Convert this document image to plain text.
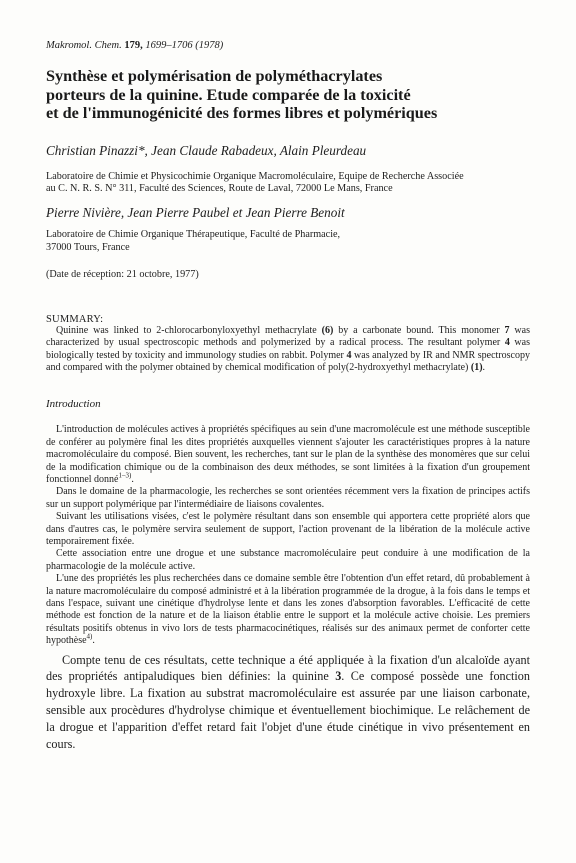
Makromol. Chem. 179, 1699–1706 (1978)
Synthèse et polymérisation de polyméthacrylates
porteurs de la quinine. Etude comparée de la toxicité
et de l'immunogénicité des formes libres et polymériques
Christian Pinazzi*, Jean Claude Rabadeux, Alain Pleurdeau
Laboratoire de Chimie et Physicochimie Organique Macromoléculaire, Equipe de Recherche Associée
au C. N. R. S. N° 311, Faculté des Sciences, Route de Laval, 72000 Le Mans, France
Pierre Nivière, Jean Pierre Paubel et Jean Pierre Benoit
Laboratoire de Chimie Organique Thérapeutique, Faculté de Pharmacie,
37000 Tours, France
(Date de réception: 21 octobre, 1977)
SUMMARY:

Quinine was linked to 2-chlorocarbonyloxyethyl methacrylate (6) by a carbonate bound. This monomer 7 was characterized by usual spectroscopic methods and polymerized by a radical process. The resultant polymer 4 was biologically tested by toxicity and immunology studies on rabbit. Polymer 4 was analyzed by IR and NMR spectroscopy and compared with the polymer obtained by chemical modification of poly(2-hydroxyethyl methacrylate) (1).

Introduction

L'introduction de molécules actives à propriétés spécifiques au sein d'une macromolécule est une méthode susceptible de conférer au polymère final les dites propriétés auxquelles viennent s'ajouter les caractéristiques propres à la nature macromoléculaire du composé. Bien souvent, les recherches, tant sur le plan de la synthèse des monomères que sur celui de la modification chimique ou de la combinaison des deux méthodes, se sont limitées à la fixation d'un groupement fonctionnel donné$^{1-3)}$.

Dans le domaine de la pharmacologie, les recherches se sont orientées récemment vers la fixation de principes actifs sur un support polymérique par l'intermédiaire de liaisons covalentes.

Suivant les utilisations visées, c'est le polymère résultant dans son ensemble qui apportera cette propriété alors que dans d'autres cas, le polymère servira seulement de support, l'action provenant de la libération de la molécule active temporairement fixée.

Cette association entre une drogue et une substance macromoléculaire peut conduire à une modification de la pharmacologie de la molécule active.

L'une des propriétés les plus recherchées dans ce domaine semble être l'obtention d'un effet retard, dû probablement à la nature macromoléculaire du composé administré et à la libération programmée de la drogue, à la fois dans le temps et dans l'espace, suivant une cinétique d'hydrolyse lente et dans les zones d'absorption favorables. L'efficacité de cette méthode est fonction de la nature et de la liaison établie entre le support et la molécule active choisie. Les premiers résultats positifs obtenus in vivo lors de tests pharmacocinétiques, réalisés sur des animaux permet de conforter cette hypothèse$^{4)}$.

Compte tenu de ces résultats, cette technique a été appliquée à la fixation d'un alcaloïde ayant des propriétés antipaludiques bien définies: la quinine 3. Ce composé possède une fonction hydroxyle libre. La fixation au substrat macromoléculaire est assurée par une liaison carbonate, sensible aux procèdures d'hydrolyse chimique et éventuellement biochimique. Le relâchement de la drogue et l'apparition d'effet retard fait l'objet d'une étude cinétique in vivo présentement en cours.
